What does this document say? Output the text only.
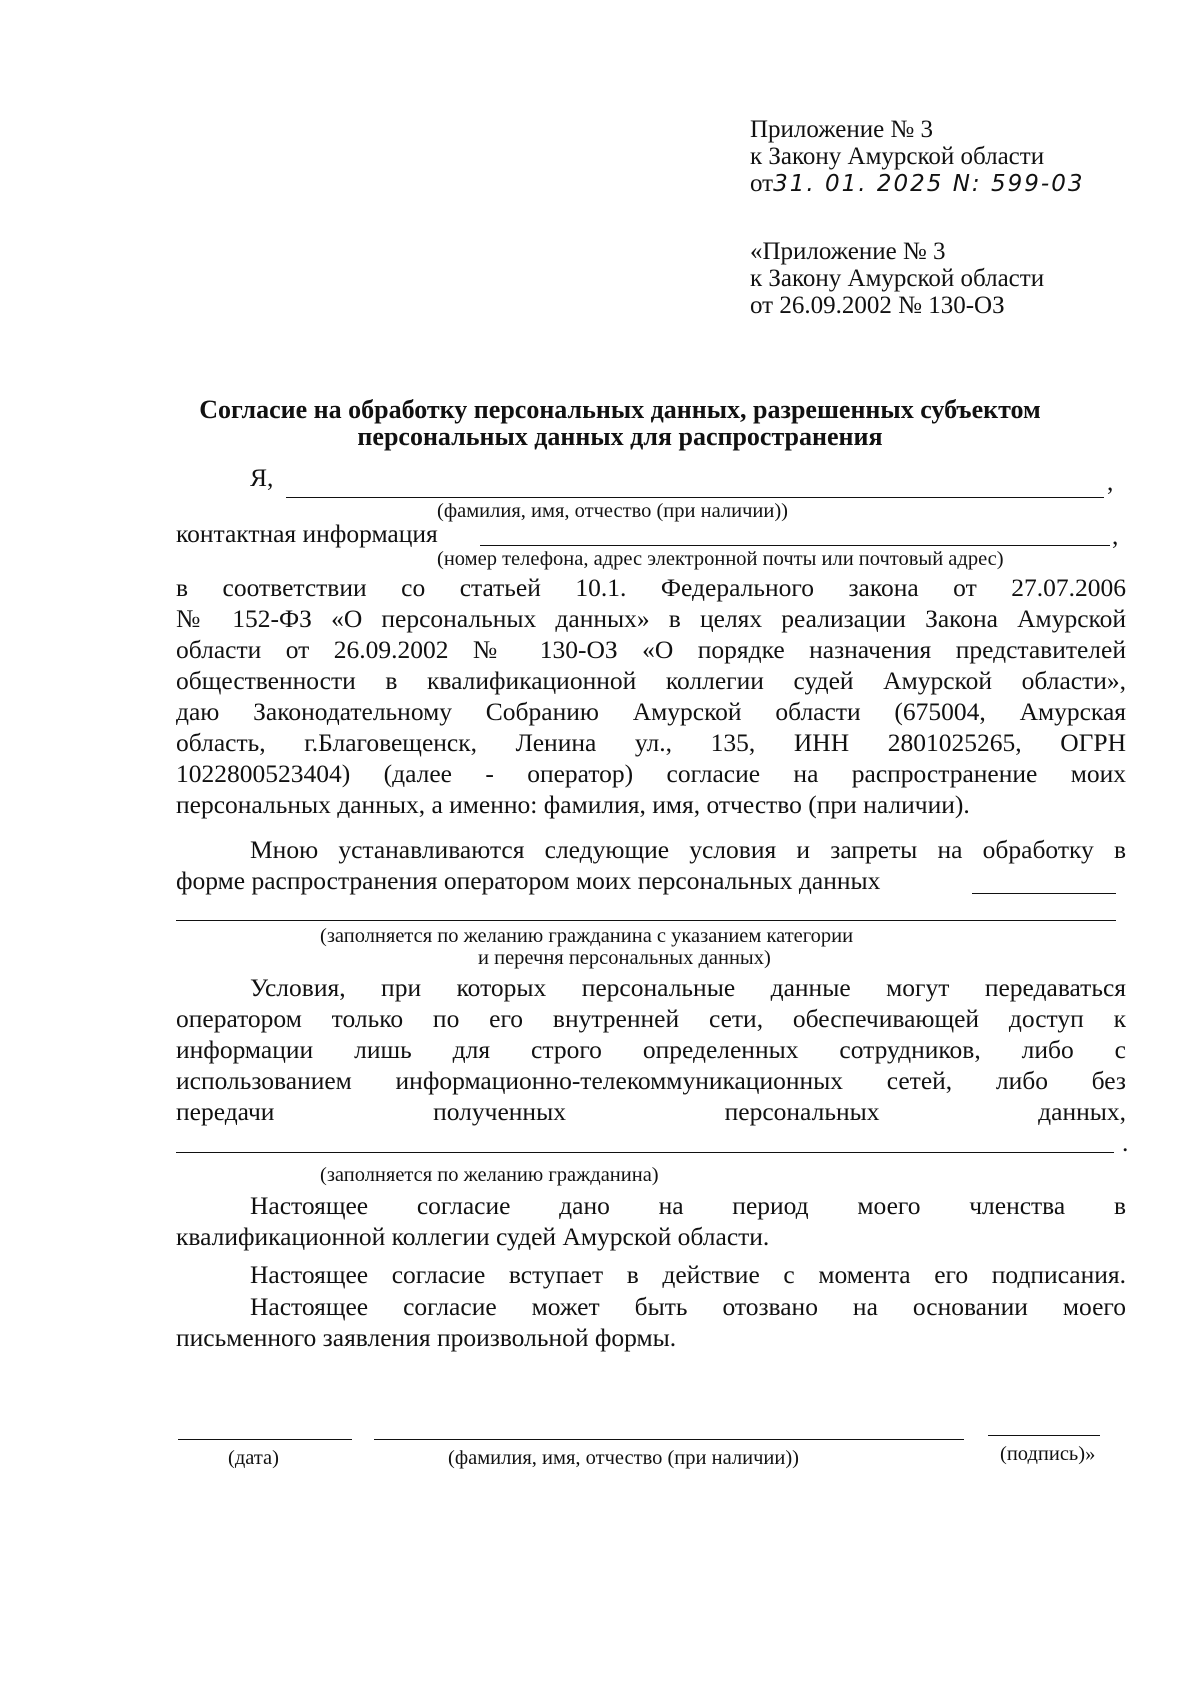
Приложение № 3
к Закону Амурской области
от31. 01. 2025 N: 599-03
«Приложение № 3
к Закону Амурской области
от 26.09.2002 № 130-ОЗ
Согласие на обработку персональных данных, разрешенных субъектом
персональных данных для распространения
Я,	,
(фамилия, имя, отчество (при наличии))
контактная информация	,
(номер телефона, адрес электронной почты или почтовый адрес)
в соответствии со статьей 10.1. Федерального закона от 27.07.2006
№ 152-ФЗ «О персональных данных» в целях реализации Закона Амурской
области от 26.09.2002 № 130-ОЗ «О порядке назначения представителей
общественности в квалификационной коллегии судей Амурской области»,
даю Законодательному Собранию Амурской области (675004, Амурская
область, г.Благовещенск, Ленина ул., 135, ИНН 2801025265, ОГРН
1022800523404) (далее - оператор) согласие на распространение моих
персональных данных, а именно: фамилия, имя, отчество (при наличии).
Мною устанавливаются следующие условия и запреты на обработку в
форме распространения оператором моих персональных данных
(заполняется по желанию гражданина с указанием категории
и перечня персональных данных)
Условия, при которых персональные данные могут передаваться
оператором только по его внутренней сети, обеспечивающей доступ к
информации лишь для строго определенных сотрудников, либо с
использованием информационно-телекоммуникационных сетей, либо без
передачи полученных персональных данных,
.
(заполняется по желанию гражданина)
Настоящее согласие дано на период моего членства в
квалификационной коллегии судей Амурской области.
Настоящее согласие вступает в действие с момента его подписания.
Настоящее согласие может быть отозвано на основании моего
письменного заявления произвольной формы.
(дата)	(фамилия, имя, отчество (при наличии))	(подпись)»
